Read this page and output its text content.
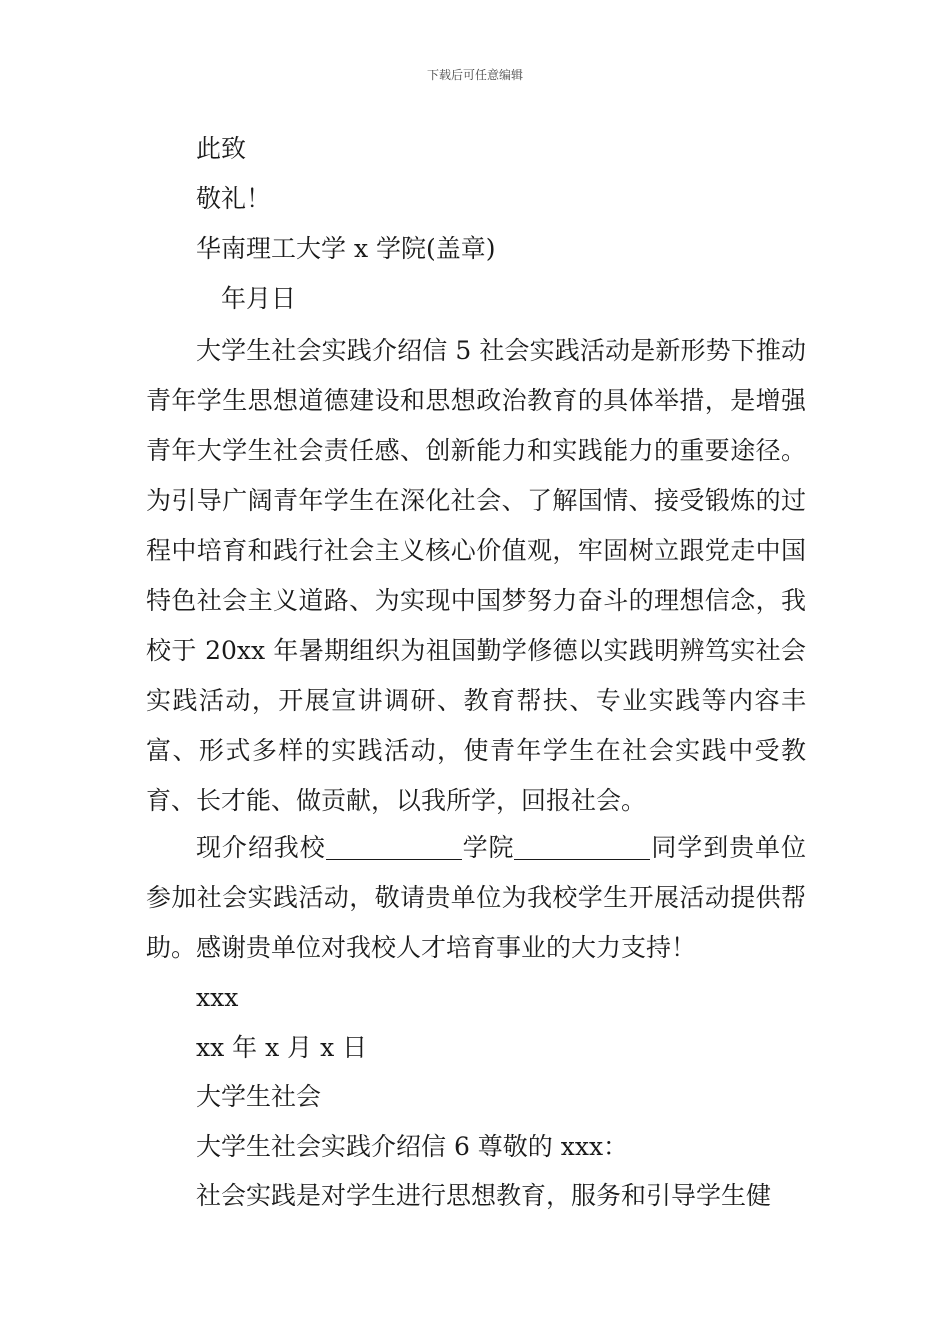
下载后可任意编辑
此致
敬礼！
华南理工大学 x 学院(盖章)
年月日
大学生社会实践介绍信 5 社会实践活动是新形势下推动青年学生思想道德建设和思想政治教育的具体举措，是增强青年大学生社会责任感、创新能力和实践能力的重要途径。为引导广阔青年学生在深化社会、了解国情、接受锻炼的过程中培育和践行社会主义核心价值观，牢固树立跟党走中国特色社会主义道路、为实现中国梦努力奋斗的理想信念，我校于 20xx 年暑期组织为祖国勤学修德以实践明辨笃实社会实践活动，开展宣讲调研、教育帮扶、专业实践等内容丰富、形式多样的实践活动，使青年学生在社会实践中受教育、长才能、做贡献，以我所学，回报社会。
现介绍我校	学院	同学到贵单位参加社会实践活动，敬请贵单位为我校学生开展活动提供帮助。感谢贵单位对我校人才培育事业的大力支持！
xxx
xx 年 x 月 x 日
大学生社会
大学生社会实践介绍信 6 尊敬的 xxx：
社会实践是对学生进行思想教育，服务和引导学生健
